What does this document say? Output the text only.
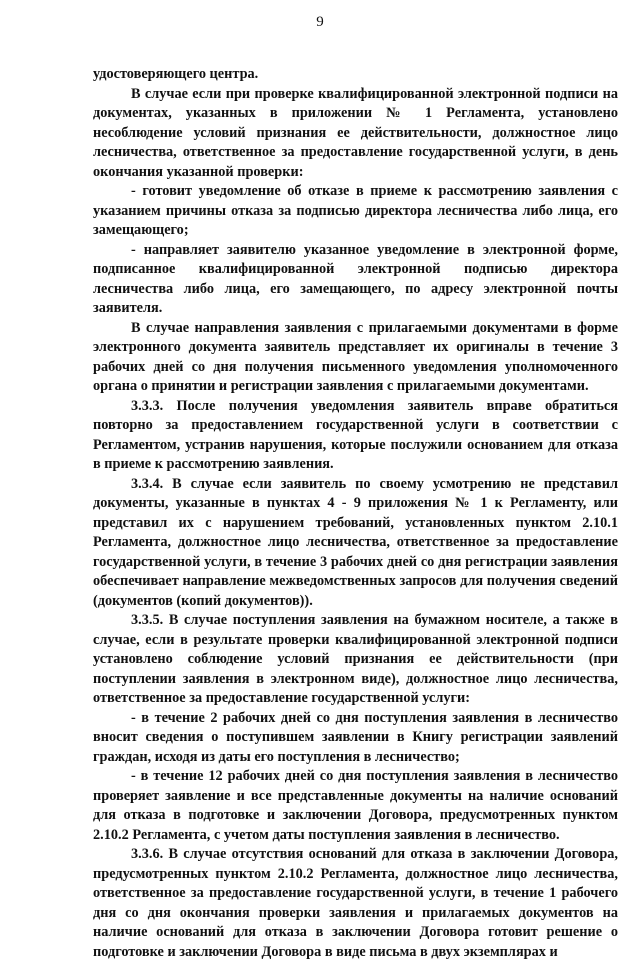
9

удостоверяющего центра.

В случае если при проверке квалифицированной электронной подписи на документах, указанных в приложении № 1 Регламента, установлено несоблюдение условий признания ее действительности, должностное лицо лесничества, ответственное за предоставление государственной услуги, в день окончания указанной проверки:

- готовит уведомление об отказе в приеме к рассмотрению заявления с указанием причины отказа за подписью директора лесничества либо лица, его замещающего;

- направляет заявителю указанное уведомление в электронной форме, подписанное квалифицированной электронной подписью директора лесничества либо лица, его замещающего, по адресу электронной почты заявителя.

В случае направления заявления с прилагаемыми документами в форме электронного документа заявитель представляет их оригиналы в течение 3 рабочих дней со дня получения письменного уведомления уполномоченного органа о принятии и регистрации заявления с прилагаемыми документами.

3.3.3. После получения уведомления заявитель вправе обратиться повторно за предоставлением государственной услуги в соответствии с Регламентом, устранив нарушения, которые послужили основанием для отказа в приеме к рассмотрению заявления.

3.3.4. В случае если заявитель по своему усмотрению не представил документы, указанные в пунктах 4 - 9 приложения № 1 к Регламенту, или представил их с нарушением требований, установленных пунктом 2.10.1 Регламента, должностное лицо лесничества, ответственное за предоставление государственной услуги, в течение 3 рабочих дней со дня регистрации заявления обеспечивает направление межведомственных запросов для получения сведений (документов (копий документов)).

3.3.5. В случае поступления заявления на бумажном носителе, а также в случае, если в результате проверки квалифицированной электронной подписи установлено соблюдение условий признания ее действительности (при поступлении заявления в электронном виде), должностное лицо лесничества, ответственное за предоставление государственной услуги:

- в течение 2 рабочих дней со дня поступления заявления в лесничество вносит сведения о поступившем заявлении в Книгу регистрации заявлений граждан, исходя из даты его поступления в лесничество;

- в течение 12 рабочих дней со дня поступления заявления в лесничество проверяет заявление и все представленные документы на наличие оснований для отказа в подготовке и заключении Договора, предусмотренных пунктом 2.10.2 Регламента, с учетом даты поступления заявления в лесничество.

3.3.6. В случае отсутствия оснований для отказа в заключении Договора, предусмотренных пунктом 2.10.2 Регламента, должностное лицо лесничества, ответственное за предоставление государственной услуги, в течение 1 рабочего дня со дня окончания проверки заявления и прилагаемых документов на наличие оснований для отказа в заключении Договора готовит решение о подготовке и заключении Договора в виде письма в двух экземплярах и
